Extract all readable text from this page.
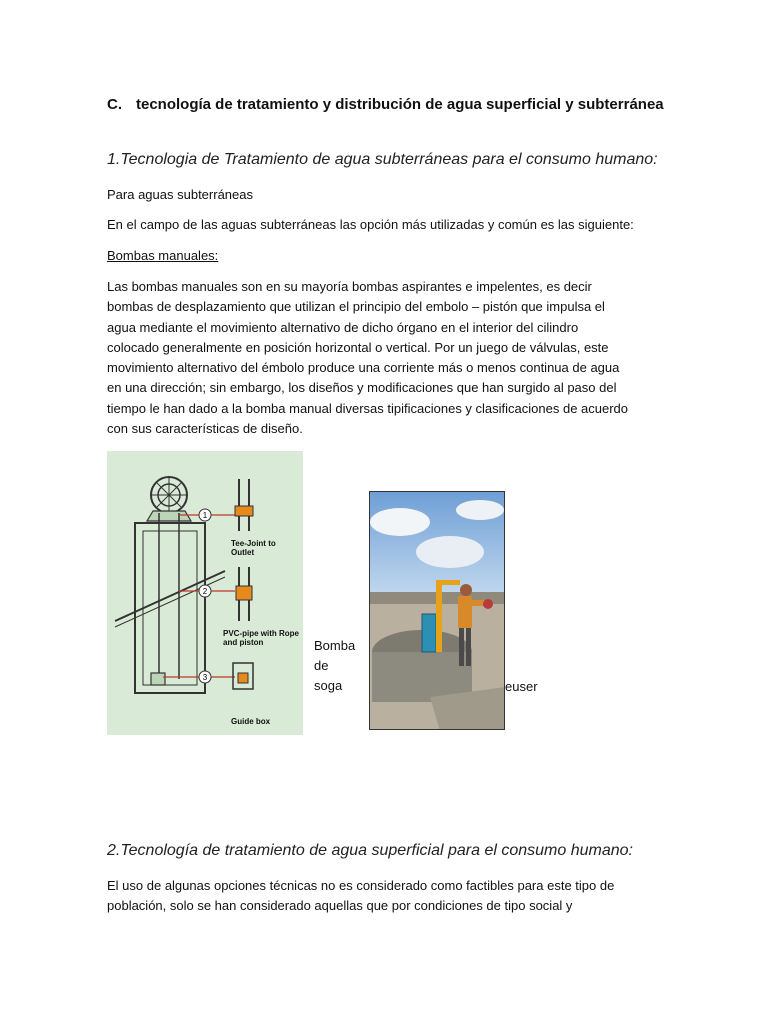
C. tecnología de tratamiento y distribución de agua superficial y subterránea
1.Tecnologia de Tratamiento de agua subterráneas para el consumo humano:
Para aguas subterráneas
En el campo de las aguas subterráneas las opción más utilizadas y común es las siguiente:
Bombas manuales:
Las bombas manuales son en su mayoría bombas aspirantes e impelentes, es decir
bombas de desplazamiento que utilizan el principio del embolo – pistón que impulsa el
agua mediante el movimiento alternativo de dicho órgano en el interior del cilindro
colocado generalmente en posición horizontal o vertical. Por un juego de válvulas, este
movimiento alternativo del émbolo produce una corriente más o menos continua de agua
en una dirección; sin embargo, los diseños y modificaciones que han surgido al paso del
tiempo le han dado a la bomba manual diversas tipificaciones y clasificaciones de acuerdo
con sus características de diseño.
1
2
3
Tee-Joint to Outlet
PVC-pipe with Rope and piston
Guide box
Bomba
de
soga	euser
2.Tecnología de tratamiento de agua superficial para el consumo humano:
El uso de algunas opciones técnicas no es considerado como factibles para este tipo de
población, solo se han considerado aquellas que por condiciones de tipo social y
